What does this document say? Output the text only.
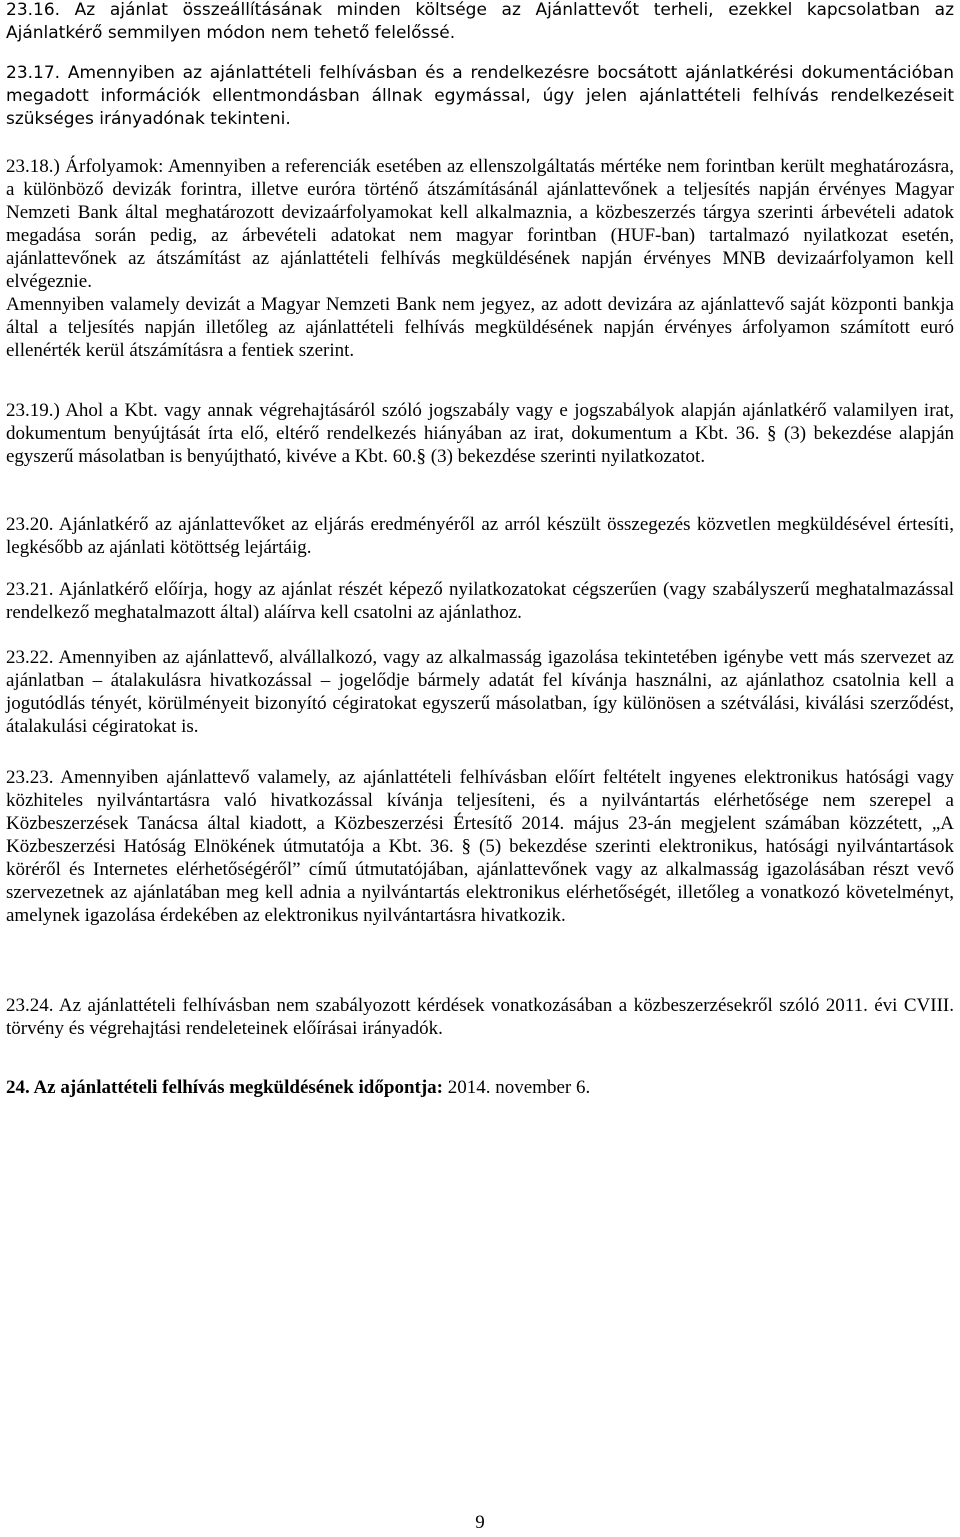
23.16. Az ajánlat összeállításának minden költsége az Ajánlattevőt terheli, ezekkel kapcsolatban az Ajánlatkérő semmilyen módon nem tehető felelőssé.

23.17. Amennyiben az ajánlattételi felhívásban és a rendelkezésre bocsátott ajánlatkérési dokumentációban megadott információk ellentmondásban állnak egymással, úgy jelen ajánlattételi felhívás rendelkezéseit szükséges irányadónak tekinteni.

23.18.) Árfolyamok: Amennyiben a referenciák esetében az ellenszolgáltatás mértéke nem forintban került meghatározásra, a különböző devizák forintra, illetve euróra történő átszámításánál ajánlattevőnek a teljesítés napján érvényes Magyar Nemzeti Bank által meghatározott devizaárfolyamokat kell alkalmaznia, a közbeszerzés tárgya szerinti árbevételi adatok megadása során pedig, az árbevételi adatokat nem magyar forintban (HUF-ban) tartalmazó nyilatkozat esetén, ajánlattevőnek az átszámítást az ajánlattételi felhívás megküldésének napján érvényes MNB devizaárfolyamon kell elvégeznie.

Amennyiben valamely devizát a Magyar Nemzeti Bank nem jegyez, az adott devizára az ajánlattevő saját központi bankja által a teljesítés napján illetőleg az ajánlattételi felhívás megküldésének napján érvényes árfolyamon számított euró ellenérték kerül átszámításra a fentiek szerint.

23.19.) Ahol a Kbt. vagy annak végrehajtásáról szóló jogszabály vagy e jogszabályok alapján ajánlatkérő valamilyen irat, dokumentum benyújtását írta elő, eltérő rendelkezés hiányában az irat, dokumentum a Kbt. 36. § (3) bekezdése alapján egyszerű másolatban is benyújtható, kivéve a Kbt. 60.§ (3) bekezdése szerinti nyilatkozatot.

23.20. Ajánlatkérő az ajánlattevőket az eljárás eredményéről az arról készült összegezés közvetlen megküldésével értesíti, legkésőbb az ajánlati kötöttség lejártáig.

23.21. Ajánlatkérő előírja, hogy az ajánlat részét képező nyilatkozatokat cégszerűen (vagy szabályszerű meghatalmazással rendelkező meghatalmazott által) aláírva kell csatolni az ajánlathoz.

23.22. Amennyiben az ajánlattevő, alvállalkozó, vagy az alkalmasság igazolása tekintetében igénybe vett más szervezet az ajánlatban – átalakulásra hivatkozással – jogelődje bármely adatát fel kívánja használni, az ajánlathoz csatolnia kell a jogutódlás tényét, körülményeit bizonyító cégiratokat egyszerű másolatban, így különösen a szétválási, kiválási szerződést, átalakulási cégiratokat is.

23.23. Amennyiben ajánlattevő valamely, az ajánlattételi felhívásban előírt feltételt ingyenes elektronikus hatósági vagy közhiteles nyilvántartásra való hivatkozással kívánja teljesíteni, és a nyilvántartás elérhetősége nem szerepel a Közbeszerzések Tanácsa által kiadott, a Közbeszerzési Értesítő 2014. május 23-án megjelent számában közzétett, „A Közbeszerzési Hatóság Elnökének útmutatója a Kbt. 36. § (5) bekezdése szerinti elektronikus, hatósági nyilvántartások köréről és Internetes elérhetőségéről” című útmutatójában, ajánlattevőnek vagy az alkalmasság igazolásában részt vevő szervezetnek az ajánlatában meg kell adnia a nyilvántartás elektronikus elérhetőségét, illetőleg a vonatkozó követelményt, amelynek igazolása érdekében az elektronikus nyilvántartásra hivatkozik.

23.24. Az ajánlattételi felhívásban nem szabályozott kérdések vonatkozásában a közbeszerzésekről szóló 2011. évi CVIII. törvény és végrehajtási rendeleteinek előírásai irányadók.

24. Az ajánlattételi felhívás megküldésének időpontja: 2014. november 6.

9
